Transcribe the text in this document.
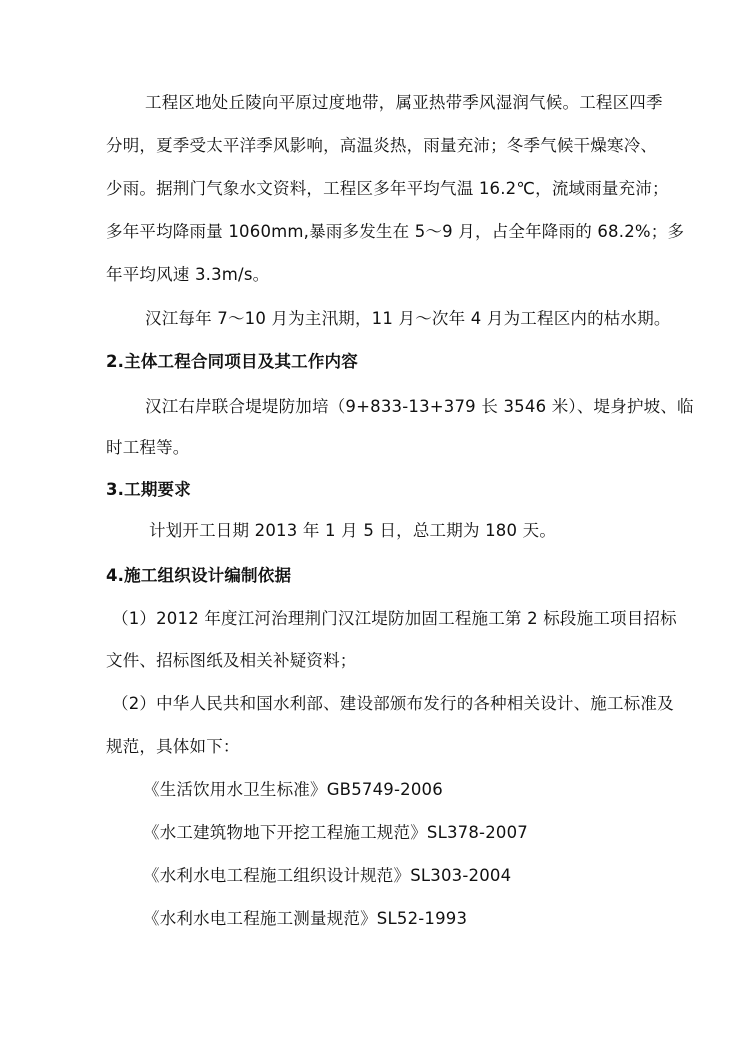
工程区地处丘陵向平原过度地带，属亚热带季风湿润气候。工程区四季
分明，夏季受太平洋季风影响，高温炎热，雨量充沛；冬季气候干燥寒冷、
少雨。据荆门气象水文资料，工程区多年平均气温 16.2℃，流域雨量充沛；
多年平均降雨量 1060mm,暴雨多发生在 5～9 月，占全年降雨的 68.2%；多
年平均风速 3.3m/s。
汉江每年 7～10 月为主汛期，11 月～次年 4 月为工程区内的枯水期。
2.主体工程合同项目及其工作内容
汉江右岸联合堤堤防加培（9+833-13+379 长 3546 米）、堤身护坡、临
时工程等。
3.工期要求
计划开工日期 2013 年 1 月 5 日，总工期为 180 天。
4.施工组织设计编制依据
（1）2012 年度江河治理荆门汉江堤防加固工程施工第 2 标段施工项目招标
文件、招标图纸及相关补疑资料；
（2）中华人民共和国水利部、建设部颁布发行的各种相关设计、施工标准及
规范，具体如下：
《生活饮用水卫生标准》GB5749-2006
《水工建筑物地下开挖工程施工规范》SL378-2007
《水利水电工程施工组织设计规范》SL303-2004
《水利水电工程施工测量规范》SL52-1993
